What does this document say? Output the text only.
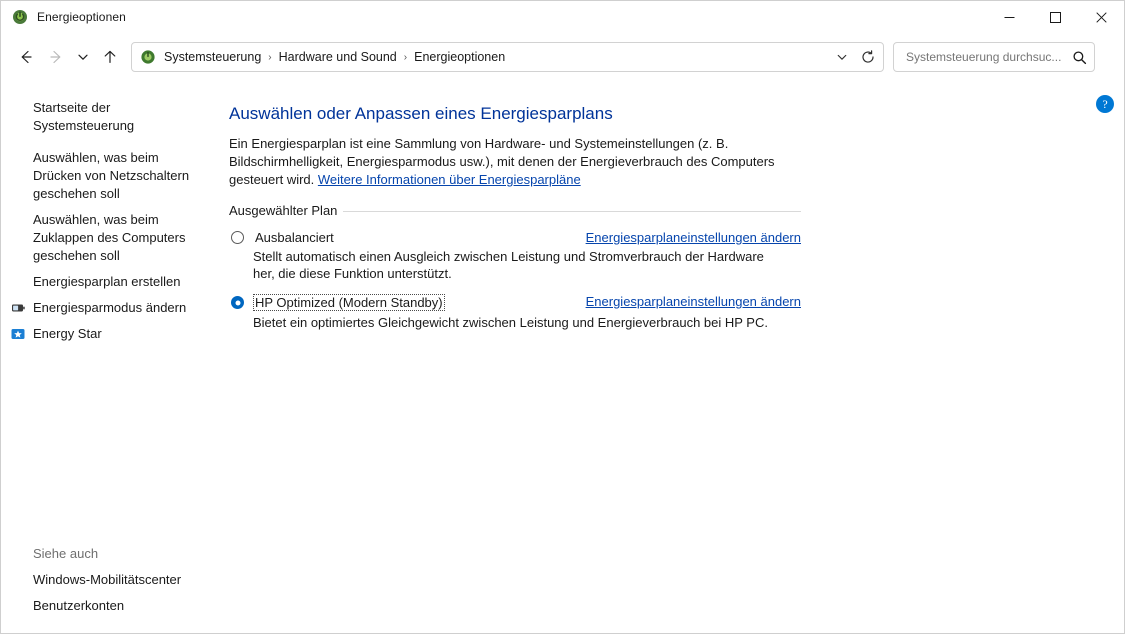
Energieoptionen
Systemsteuerung › Hardware und Sound › Energieoptionen
Systemsteuerung durchsuc...
Startseite der Systemsteuerung
Auswählen, was beim Drücken von Netzschaltern geschehen soll
Auswählen, was beim Zuklappen des Computers geschehen soll
Energiesparplan erstellen
Energiesparmodus ändern
Energy Star
Siehe auch
Windows-Mobilitätscenter
Benutzerkonten
?
Auswählen oder Anpassen eines Energiesparplans
Ein Energiesparplan ist eine Sammlung von Hardware- und Systemeinstellungen (z. B. Bildschirmhelligkeit, Energiesparmodus usw.), mit denen der Energieverbrauch des Computers gesteuert wird. Weitere Informationen über Energiesparpläne
Ausgewählter Plan
Ausbalanciert
Stellt automatisch einen Ausgleich zwischen Leistung und Stromverbrauch der Hardware her, die diese Funktion unterstützt.
Energiesparplaneinstellungen ändern
HP Optimized (Modern Standby)
Bietet ein optimiertes Gleichgewicht zwischen Leistung und Energieverbrauch bei HP PC.
Energiesparplaneinstellungen ändern
